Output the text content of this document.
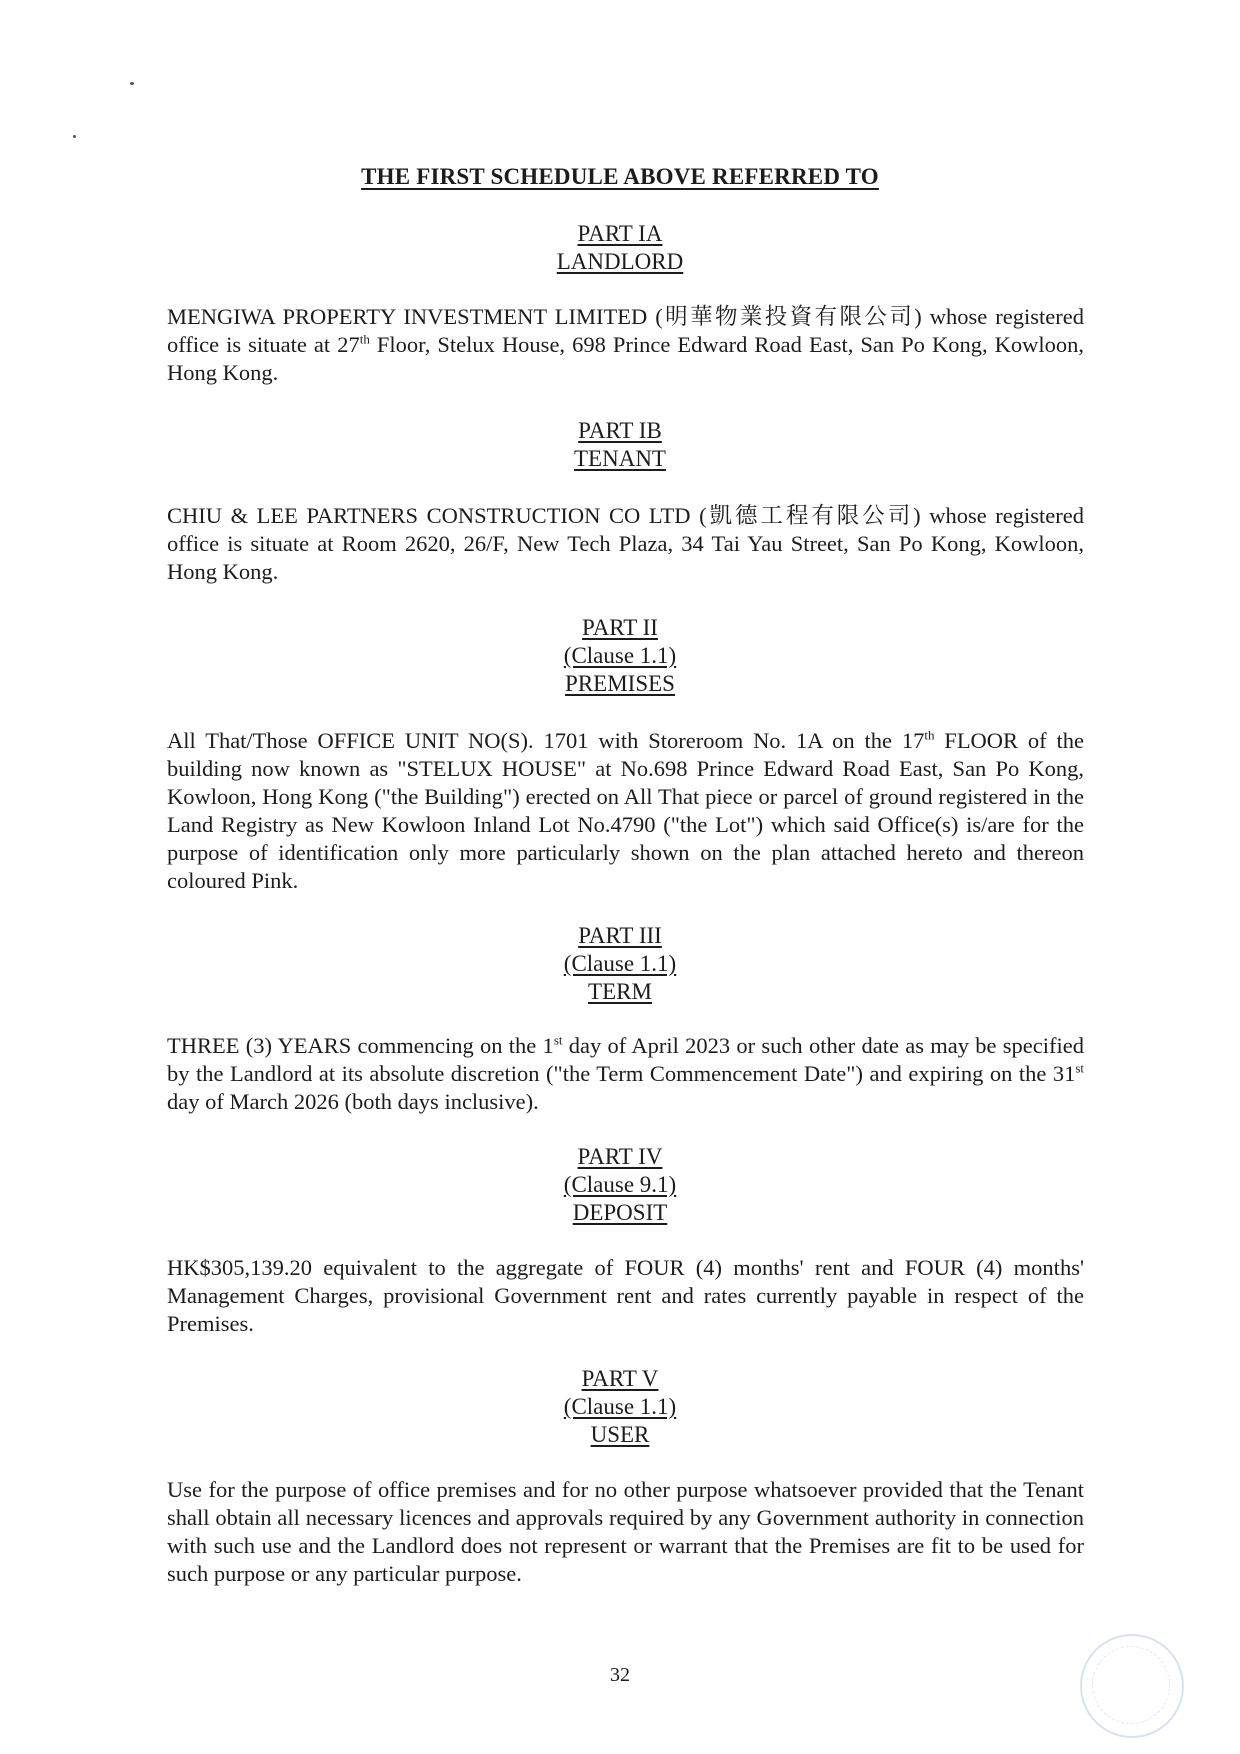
THE FIRST SCHEDULE ABOVE REFERRED TO
PART IA
LANDLORD

MENGIWA PROPERTY INVESTMENT LIMITED (明華物業投資有限公司) whose registered office is situate at 27th Floor, Stelux House, 698 Prince Edward Road East, San Po Kong, Kowloon, Hong Kong.

PART IB
TENANT

CHIU & LEE PARTNERS CONSTRUCTION CO LTD (凱德工程有限公司) whose registered office is situate at Room 2620, 26/F, New Tech Plaza, 34 Tai Yau Street, San Po Kong, Kowloon, Hong Kong.

PART II
(Clause 1.1)
PREMISES

All That/Those OFFICE UNIT NO(S). 1701 with Storeroom No. 1A on the 17th FLOOR of the building now known as "STELUX HOUSE" at No.698 Prince Edward Road East, San Po Kong, Kowloon, Hong Kong ("the Building") erected on All That piece or parcel of ground registered in the Land Registry as New Kowloon Inland Lot No.4790 ("the Lot") which said Office(s) is/are for the purpose of identification only more particularly shown on the plan attached hereto and thereon coloured Pink.

PART III
(Clause 1.1)
TERM

THREE (3) YEARS commencing on the 1st day of April 2023 or such other date as may be specified by the Landlord at its absolute discretion ("the Term Commencement Date") and expiring on the 31st day of March 2026 (both days inclusive).

PART IV
(Clause 9.1)
DEPOSIT

HK$305,139.20 equivalent to the aggregate of FOUR (4) months' rent and FOUR (4) months' Management Charges, provisional Government rent and rates currently payable in respect of the Premises.

PART V
(Clause 1.1)
USER

Use for the purpose of office premises and for no other purpose whatsoever provided that the Tenant shall obtain all necessary licences and approvals required by any Government authority in connection with such use and the Landlord does not represent or warrant that the Premises are fit to be used for such purpose or any particular purpose.

32
